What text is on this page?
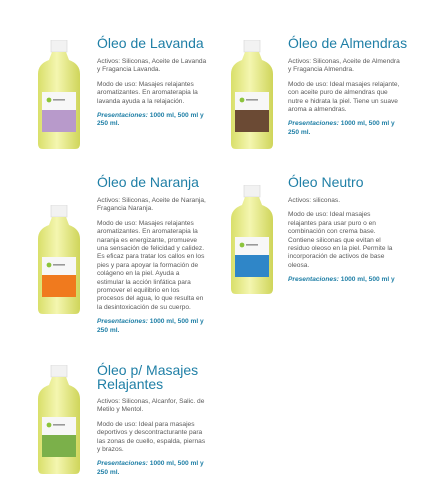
Óleo de Lavanda

Activos: Siliconas, Aceite de Lavanda y Fragancia Lavanda.

Modo de uso: Masajes relajantes aromatizantes. En aromaterapia la lavanda ayuda a la relajación.

Presentaciones: 1000 ml, 500 ml y 250 ml.

Óleo de Almendras

Activos: Siliconas, Aceite de Almendra y Fragancia Almendra.

Modo de uso: Ideal masajes relajante, con aceite puro de almendras que nutre e hidrata la piel. Tiene un suave aroma a almendras.

Presentaciones: 1000 ml, 500 ml y 250 ml.

Óleo de Naranja

Activos: Siliconas, Aceite de Naranja, Fragancia Naranja.

Modo de uso: Masajes relajantes aromatizantes. En aromaterapia la naranja es energizante, promueve una sensación de felicidad y calidez. Es eficaz para tratar los callos en los pies y para apoyar la formación de colágeno en la piel. Ayuda a estimular la acción linfática para promover el equilibrio en los procesos del agua, lo que resulta en la desintoxicación de su cuerpo.

Presentaciones: 1000 ml, 500 ml y 250 ml.

Óleo Neutro

Activos: siliconas.

Modo de uso: Ideal masajes relajantes para usar puro o en combinación con crema base. Contiene siliconas que evitan el residuo oleoso en la piel. Permite la incorporación de activos de base oleosa.

Presentaciones: 1000 ml, 500 ml y

Óleo p/ Masajes Relajantes

Activos: Siliconas, Alcanfor, Salic. de Metilo y Mentol.

Modo de uso: Ideal para masajes deportivos y descontracturante para las zonas de cuello, espalda, piernas y brazos.

Presentaciones: 1000 ml, 500 ml y 250 ml.
